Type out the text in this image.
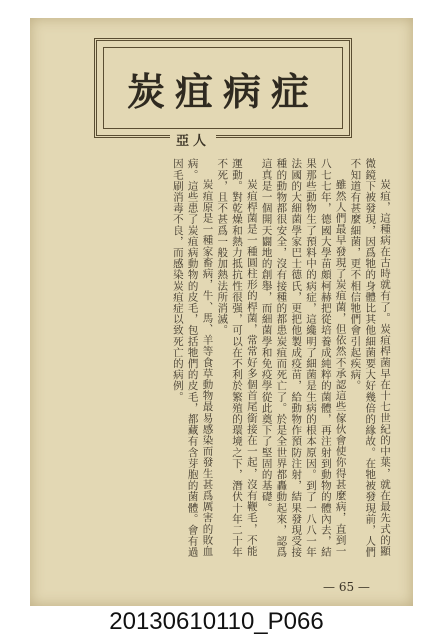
炭疽病症
亞人

炭疽，這種病在古時就有了。炭疽桿菌早在十七世紀的中葉，就在最先式的顯微鏡下被發現，因爲牠的身體比其他細菌要大好幾倍的緣故。在牠被發現前，人們不知道有甚麼細菌，更不相信牠們會引起疾病。

雖然人們最早發現了炭疽菌，但依然不承認這些傢伙會使你得甚麼病，直到一八七七年，德國大學苗頗柯赫把從培養成純粹的菌體，再注射到動物的體內去，結果那些動物生了預料中的病症，這纔明了細菌是生病的根本原因。到了一八八一年法國的大細菌學家巴士德氏，更把他製成疫苗，給動物作預防注射，結果發現受接種的動物都很安全，沒有接種的都患炭疽而死亡了。於是全世界都轟動起來，認爲這真是一個開天闢地的創舉，而細菌學和免疫學從此奠下了堅固的基礎。

炭疽桿菌是一種圓柱形的桿菌，常常好多個首尾銜接在一起，沒有鞭毛，不能運動。對乾燥和熱力抵抗性很强，可以在不利於繁殖的環境之下，潛伏十年二十年不死，且不甚爲一般加熱法所消滅。

炭疽原是一種家畜病，牛、馬、羊等食草動物最易感染而發生甚爲厲害的敗血病。這些患了炭疽病動物的皮毛，包括牠們的皮毛，都藏有含芽胞的菌體。會有過因毛刷消毒不良，而感染炭疽症以致死亡的病例。

— 65 —
20130610110_P066
